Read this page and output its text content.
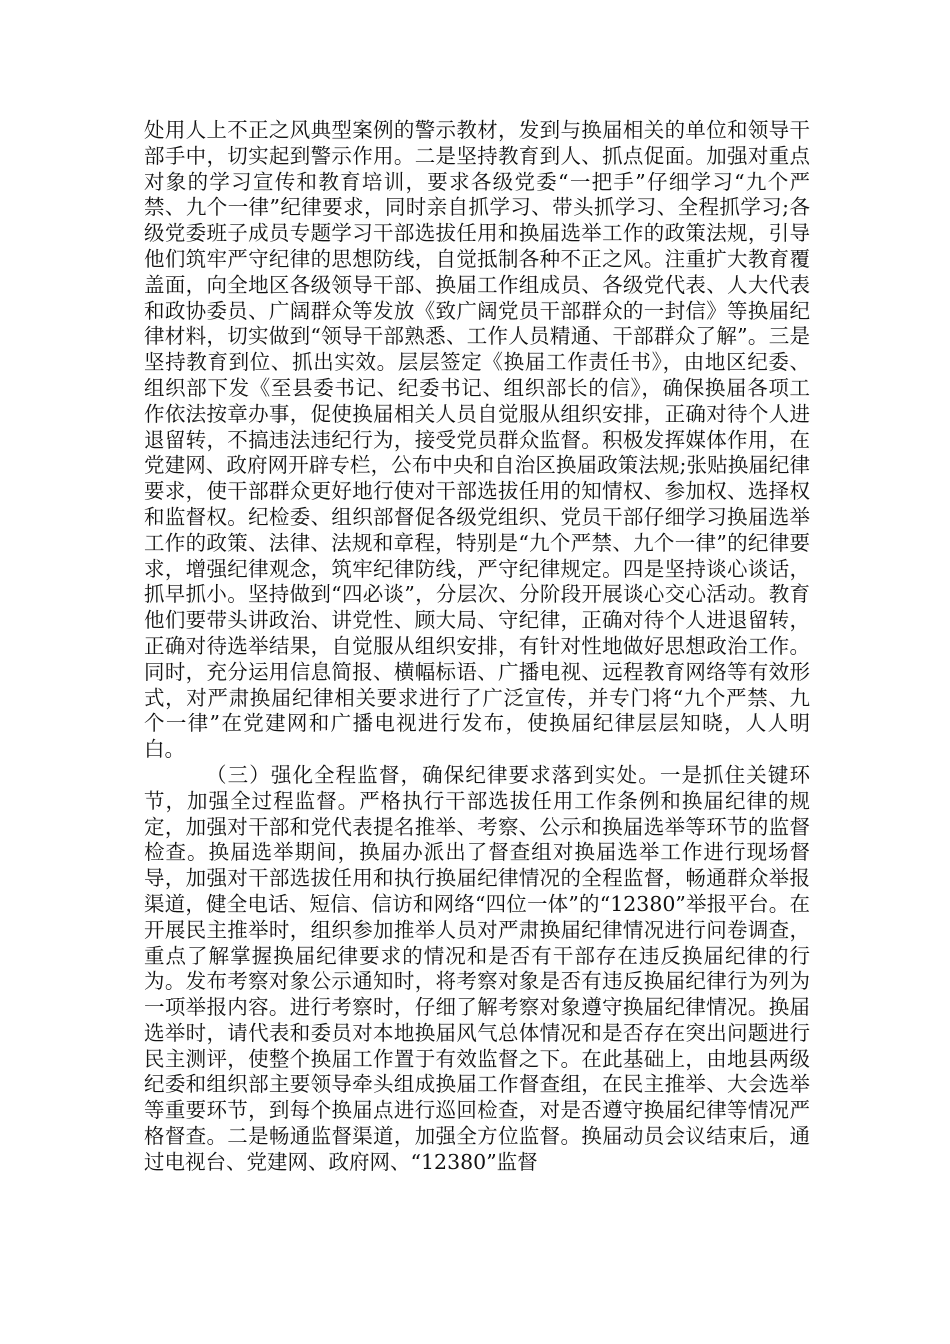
处用人上不正之风典型案例的警示教材，发到与换届相关的单位和领导干部手中，切实起到警示作用。二是坚持教育到人、抓点促面。加强对重点对象的学习宣传和教育培训，要求各级党委“一把手”仔细学习“九个严禁、九个一律”纪律要求，同时亲自抓学习、带头抓学习、全程抓学习;各级党委班子成员专题学习干部选拔任用和换届选举工作的政策法规，引导他们筑牢严守纪律的思想防线，自觉抵制各种不正之风。注重扩大教育覆盖面，向全地区各级领导干部、换届工作组成员、各级党代表、人大代表和政协委员、广阔群众等发放《致广阔党员干部群众的一封信》等换届纪律材料，切实做到“领导干部熟悉、工作人员精通、干部群众了解”。三是坚持教育到位、抓出实效。层层签定《换届工作责任书》，由地区纪委、组织部下发《至县委书记、纪委书记、组织部长的信》，确保换届各项工作依法按章办事，促使换届相关人员自觉服从组织安排，正确对待个人进退留转，不搞违法违纪行为，接受党员群众监督。积极发挥媒体作用，在党建网、政府网开辟专栏，公布中央和自治区换届政策法规;张贴换届纪律要求，使干部群众更好地行使对干部选拔任用的知情权、参加权、选择权和监督权。纪检委、组织部督促各级党组织、党员干部仔细学习换届选举工作的政策、法律、法规和章程，特别是“九个严禁、九个一律”的纪律要求，增强纪律观念，筑牢纪律防线，严守纪律规定。四是坚持谈心谈话，抓早抓小。坚持做到“四必谈”，分层次、分阶段开展谈心交心活动。教育他们要带头讲政治、讲党性、顾大局、守纪律，正确对待个人进退留转，正确对待选举结果，自觉服从组织安排，有针对性地做好思想政治工作。同时，充分运用信息简报、横幅标语、广播电视、远程教育网络等有效形式，对严肃换届纪律相关要求进行了广泛宣传，并专门将“九个严禁、九个一律”在党建网和广播电视进行发布，使换届纪律层层知晓，人人明白。

（三）强化全程监督，确保纪律要求落到实处。一是抓住关键环节，加强全过程监督。严格执行干部选拔任用工作条例和换届纪律的规定，加强对干部和党代表提名推举、考察、公示和换届选举等环节的监督检查。换届选举期间，换届办派出了督查组对换届选举工作进行现场督导，加强对干部选拔任用和执行换届纪律情况的全程监督，畅通群众举报渠道，健全电话、短信、信访和网络“四位一体”的“12380”举报平台。在开展民主推举时，组织参加推举人员对严肃换届纪律情况进行问卷调查，重点了解掌握换届纪律要求的情况和是否有干部存在违反换届纪律的行为。发布考察对象公示通知时，将考察对象是否有违反换届纪律行为列为一项举报内容。进行考察时，仔细了解考察对象遵守换届纪律情况。换届选举时，请代表和委员对本地换届风气总体情况和是否存在突出问题进行民主测评，使整个换届工作置于有效监督之下。在此基础上，由地县两级纪委和组织部主要领导牵头组成换届工作督查组，在民主推举、大会选举等重要环节，到每个换届点进行巡回检查，对是否遵守换届纪律等情况严格督查。二是畅通监督渠道，加强全方位监督。换届动员会议结束后，通过电视台、党建网、政府网、“12380”监督
